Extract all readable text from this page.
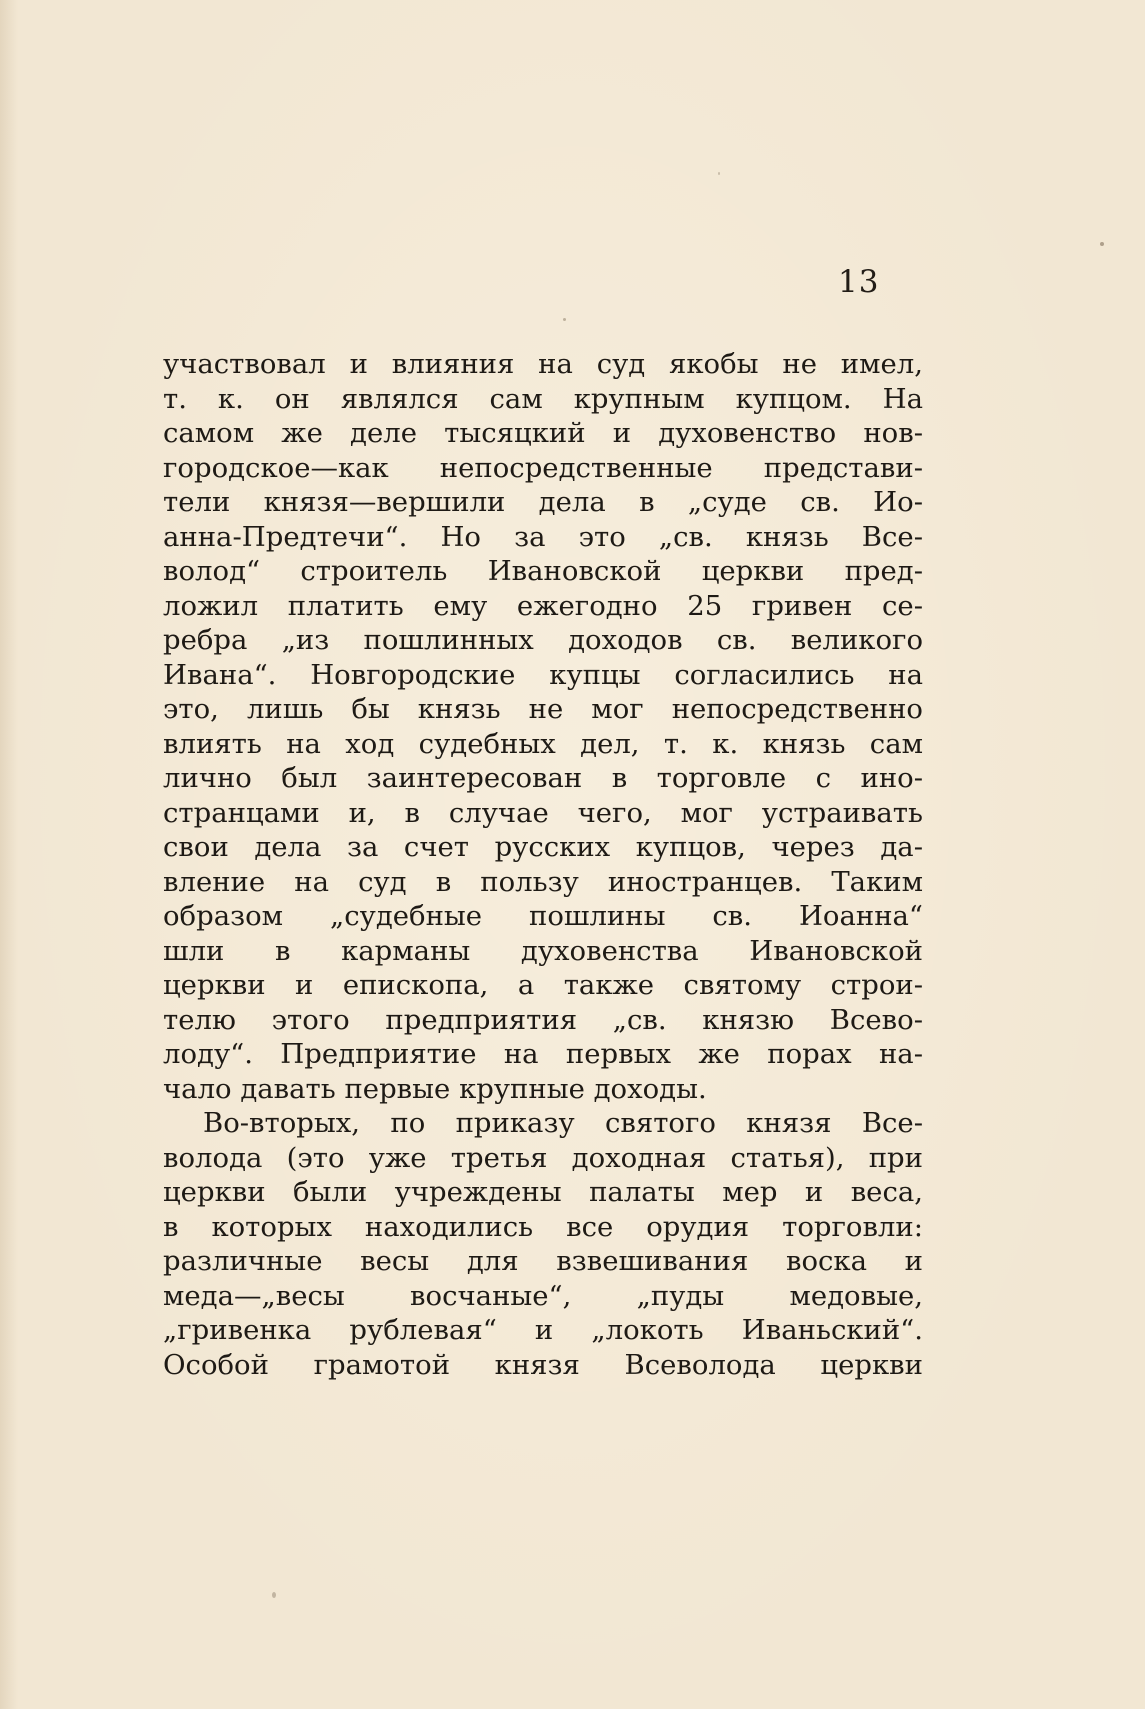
13
участвовал и влияния на суд якобы не имел,
т. к. он являлся сам крупным купцом. На
самом же деле тысяцкий и духовенство нов-
городское—как непосредственные представи-
тели князя—вершили дела в „суде св. Ио-
анна-Предтечи“. Но за это „св. князь Все-
волод“ строитель Ивановской церкви пред-
ложил платить ему ежегодно 25 гривен се-
ребра „из пошлинных доходов св. великого
Ивана“. Новгородские купцы согласились на
это, лишь бы князь не мог непосредственно
влиять на ход судебных дел, т. к. князь сам
лично был заинтересован в торговле с ино-
странцами и, в случае чего, мог устраивать
свои дела за счет русских купцов, через да-
вление на суд в пользу иностранцев. Таким
образом „судебные пошлины св. Иоанна“
шли в карманы духовенства Ивановской
церкви и епископа, а также святому строи-
телю этого предприятия „св. князю Всево-
лоду“. Предприятие на первых же порах на-
чало давать первые крупные доходы.
Во-вторых, по приказу святого князя Все-
волода (это уже третья доходная статья), при
церкви были учреждены палаты мер и веса,
в которых находились все орудия торговли:
различные весы для взвешивания воска и
меда—„весы восчаные“, „пуды медовые,
„гривенка рублевая“ и „локоть Иваньский“.
Особой грамотой князя Всеволода церкви
